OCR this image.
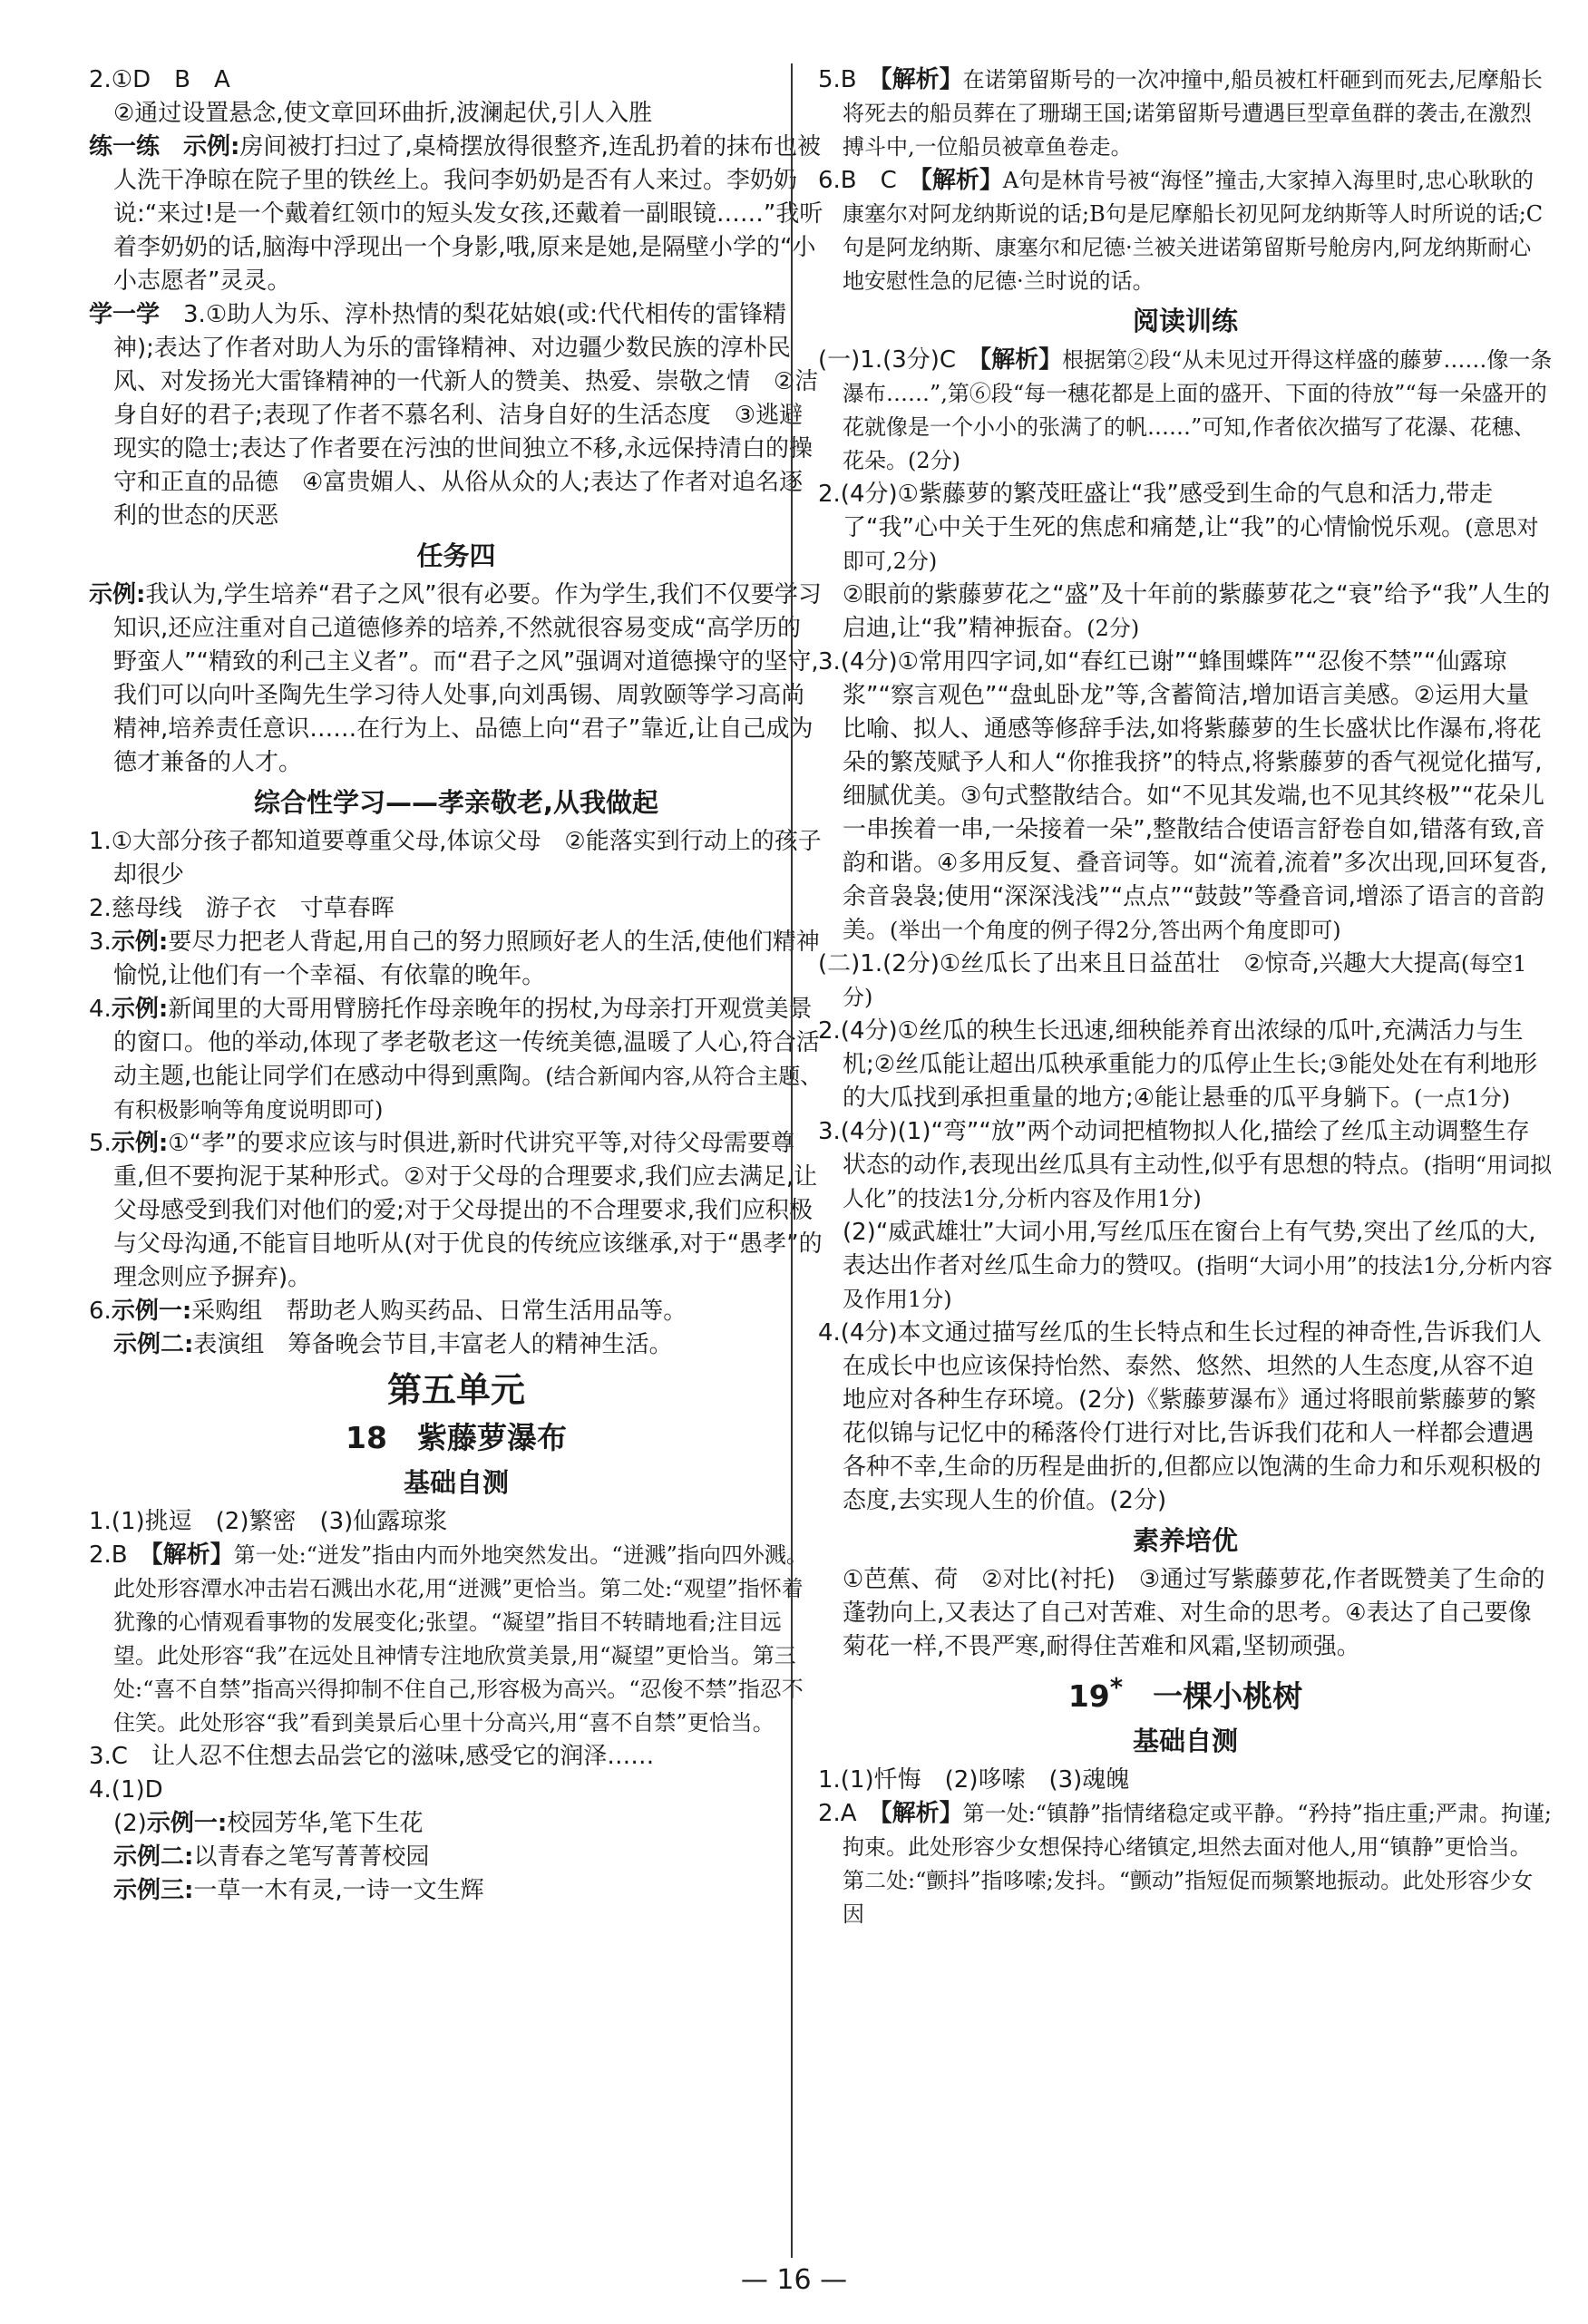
2.①D　B　A

②通过设置悬念,使文章回环曲折,波澜起伏,引人入胜

练一练　示例:房间被打扫过了,桌椅摆放得很整齐,连乱扔着的抹布也被人洗干净晾在院子里的铁丝上。我问李奶奶是否有人来过。李奶奶说:“来过!是一个戴着红领巾的短头发女孩,还戴着一副眼镜……”我听着李奶奶的话,脑海中浮现出一个身影,哦,原来是她,是隔壁小学的“小小志愿者”灵灵。

学一学　3.①助人为乐、淳朴热情的梨花姑娘(或:代代相传的雷锋精神);表达了作者对助人为乐的雷锋精神、对边疆少数民族的淳朴民风、对发扬光大雷锋精神的一代新人的赞美、热爱、崇敬之情　②洁身自好的君子;表现了作者不慕名利、洁身自好的生活态度　③逃避现实的隐士;表达了作者要在污浊的世间独立不移,永远保持清白的操守和正直的品德　④富贵媚人、从俗从众的人;表达了作者对追名逐利的世态的厌恶

任务四

示例:我认为,学生培养“君子之风”很有必要。作为学生,我们不仅要学习知识,还应注重对自己道德修养的培养,不然就很容易变成“高学历的野蛮人”“精致的利己主义者”。而“君子之风”强调对道德操守的坚守,我们可以向叶圣陶先生学习待人处事,向刘禹锡、周敦颐等学习高尚精神,培养责任意识……在行为上、品德上向“君子”靠近,让自己成为德才兼备的人才。

综合性学习——孝亲敬老,从我做起

1.①大部分孩子都知道要尊重父母,体谅父母　②能落实到行动上的孩子却很少

2.慈母线　游子衣　寸草春晖

3.示例:要尽力把老人背起,用自己的努力照顾好老人的生活,使他们精神愉悦,让他们有一个幸福、有依靠的晚年。

4.示例:新闻里的大哥用臂膀托作母亲晚年的拐杖,为母亲打开观赏美景的窗口。他的举动,体现了孝老敬老这一传统美德,温暖了人心,符合活动主题,也能让同学们在感动中得到熏陶。(结合新闻内容,从符合主题、有积极影响等角度说明即可)

5.示例:①“孝”的要求应该与时俱进,新时代讲究平等,对待父母需要尊重,但不要拘泥于某种形式。②对于父母的合理要求,我们应去满足,让父母感受到我们对他们的爱;对于父母提出的不合理要求,我们应积极与父母沟通,不能盲目地听从(对于优良的传统应该继承,对于“愚孝”的理念则应予摒弃)。

6.示例一:采购组　帮助老人购买药品、日常生活用品等。

示例二:表演组　筹备晚会节目,丰富老人的精神生活。

第五单元

18　紫藤萝瀑布

基础自测

1.(1)挑逗　(2)繁密　(3)仙露琼浆

2.B　【解析】第一处:“迸发”指由内而外地突然发出。“迸溅”指向四外溅。此处形容潭水冲击岩石溅出水花,用“迸溅”更恰当。第二处:“观望”指怀着犹豫的心情观看事物的发展变化;张望。“凝望”指目不转睛地看;注目远望。此处形容“我”在远处且神情专注地欣赏美景,用“凝望”更恰当。第三处:“喜不自禁”指高兴得抑制不住自己,形容极为高兴。“忍俊不禁”指忍不住笑。此处形容“我”看到美景后心里十分高兴,用“喜不自禁”更恰当。

3.C　让人忍不住想去品尝它的滋味,感受它的润泽……

4.(1)D

(2)示例一:校园芳华,笔下生花

示例二:以青春之笔写菁菁校园

示例三:一草一木有灵,一诗一文生辉

5.B　【解析】在诺第留斯号的一次冲撞中,船员被杠杆砸到而死去,尼摩船长将死去的船员葬在了珊瑚王国;诺第留斯号遭遇巨型章鱼群的袭击,在激烈搏斗中,一位船员被章鱼卷走。

6.B　C　【解析】A句是林肯号被“海怪”撞击,大家掉入海里时,忠心耿耿的康塞尔对阿龙纳斯说的话;B句是尼摩船长初见阿龙纳斯等人时所说的话;C句是阿龙纳斯、康塞尔和尼德·兰被关进诺第留斯号舱房内,阿龙纳斯耐心地安慰性急的尼德·兰时说的话。

阅读训练

(一)1.(3分)C　【解析】根据第②段“从未见过开得这样盛的藤萝……像一条瀑布……”,第⑥段“每一穗花都是上面的盛开、下面的待放”“每一朵盛开的花就像是一个小小的张满了的帆……”可知,作者依次描写了花瀑、花穗、花朵。(2分)

2.(4分)①紫藤萝的繁茂旺盛让“我”感受到生命的气息和活力,带走了“我”心中关于生死的焦虑和痛楚,让“我”的心情愉悦乐观。(意思对即可,2分)

②眼前的紫藤萝花之“盛”及十年前的紫藤萝花之“衰”给予“我”人生的启迪,让“我”精神振奋。(2分)

3.(4分)①常用四字词,如“春红已谢”“蜂围蝶阵”“忍俊不禁”“仙露琼浆”“察言观色”“盘虬卧龙”等,含蓄简洁,增加语言美感。②运用大量比喻、拟人、通感等修辞手法,如将紫藤萝的生长盛状比作瀑布,将花朵的繁茂赋予人和人“你推我挤”的特点,将紫藤萝的香气视觉化描写,细腻优美。③句式整散结合。如“不见其发端,也不见其终极”“花朵儿一串挨着一串,一朵接着一朵”,整散结合使语言舒卷自如,错落有致,音韵和谐。④多用反复、叠音词等。如“流着,流着”多次出现,回环复沓,余音袅袅;使用“深深浅浅”“点点”“鼓鼓”等叠音词,增添了语言的音韵美。(举出一个角度的例子得2分,答出两个角度即可)

(二)1.(2分)①丝瓜长了出来且日益茁壮　②惊奇,兴趣大大提高(每空1分)

2.(4分)①丝瓜的秧生长迅速,细秧能养育出浓绿的瓜叶,充满活力与生机;②丝瓜能让超出瓜秧承重能力的瓜停止生长;③能处处在有利地形的大瓜找到承担重量的地方;④能让悬垂的瓜平身躺下。(一点1分)

3.(4分)(1)“弯”“放”两个动词把植物拟人化,描绘了丝瓜主动调整生存状态的动作,表现出丝瓜具有主动性,似乎有思想的特点。(指明“用词拟人化”的技法1分,分析内容及作用1分)

(2)“威武雄壮”大词小用,写丝瓜压在窗台上有气势,突出了丝瓜的大,表达出作者对丝瓜生命力的赞叹。(指明“大词小用”的技法1分,分析内容及作用1分)

4.(4分)本文通过描写丝瓜的生长特点和生长过程的神奇性,告诉我们人在成长中也应该保持怡然、泰然、悠然、坦然的人生态度,从容不迫地应对各种生存环境。(2分)《紫藤萝瀑布》通过将眼前紫藤萝的繁花似锦与记忆中的稀落伶仃进行对比,告诉我们花和人一样都会遭遇各种不幸,生命的历程是曲折的,但都应以饱满的生命力和乐观积极的态度,去实现人生的价值。(2分)

素养培优

①芭蕉、荷　②对比(衬托)　③通过写紫藤萝花,作者既赞美了生命的蓬勃向上,又表达了自己对苦难、对生命的思考。④表达了自己要像菊花一样,不畏严寒,耐得住苦难和风霜,坚韧顽强。

19*　一棵小桃树

基础自测

1.(1)忏悔　(2)哆嗦　(3)魂魄

2.A　【解析】第一处:“镇静”指情绪稳定或平静。“矜持”指庄重;严肃。拘谨;拘束。此处形容少女想保持心绪镇定,坦然去面对他人,用“镇静”更恰当。第二处:“颤抖”指哆嗦;发抖。“颤动”指短促而频繁地振动。此处形容少女因

— 16 —
